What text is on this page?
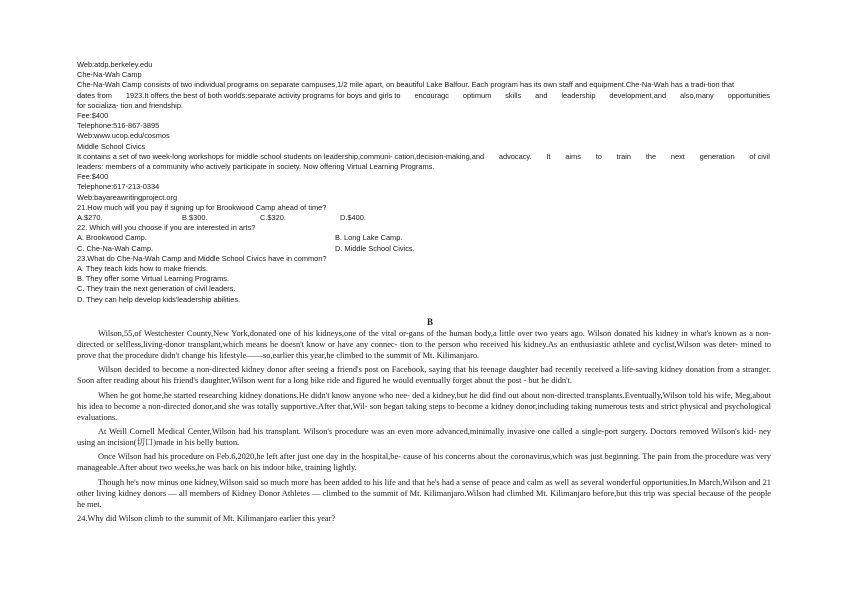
Web:atdp.berkeley.edu
Che-Na-Wah Camp
Che-Na-Wah Camp consists of two individual programs on separate campuses,1/2 mile apart, on beautiful Lake Balfour. Each program has its own staff and equipment.Che-Na-Wah has a tradi-tion that
dates from 1923.It offers the best of both worlds:separate activity programs for boys and girls to encouragc optimum skills and leadership development,and also,many opportunities
for socializa- tion and friendship.
Fee:$400
Telephone:516-867-3895
Web:www.ucop.edu/cosmos
Middle School Civics
It contains a set of two week-long workshops for middle school students on leadership,communi- cation,decision-making,and advocacy. It aims to train the next generation of civil
leaders: members of a community who actively participate in society. Now offering Virtual Learning Programs.
Fee:$400
Telephone:617-213-0334
Web:bayareawritingproject.org
21.How much will you pay if signing up for Brookwood Camp ahead of time?
A.$270.	B.$300.	C.$320.	D.$400.
22. Which will you choose if you are interested in arts?
A. Brookwood Camp.	B. Long Lake Camp.
C. Che-Na-Wah Camp.	D. Middle School Civics.
23.What do Che-Na-Wah Camp and Middle School Civics have in common?
A. They teach kids how to make friends.
B. They offer some Virtual Learning Programs.
C. They train the next generation of civil leaders.
D. They can help develop kids'leadership abilities.
B

Wilson,55,of Westchester County,New York,donated one of his kidneys,one of the vital or-gans of the human body,a little over two years ago. Wilson donated his kidney in what's known as a non-directed or selfless,living-donor transplant,which means he doesn't know or have any connec- tion to the person who received his kidney.As an enthusiastic athlete and cyclist,Wilson was deter- mined to prove that the procedure didn't change his lifestyle——so,earlier this year,he climbed to the summit of Mt. Kilimanjaro.

Wilson decided to become a non-directed kidney donor after seeing a friend's post on Facebook, saying that his teenage daughter had recently received a life-saving kidney donation from a stranger. Soon after reading about his friend's daughter,Wilson went for a long bike ride and figured he would eventually forget about the post - but he didn't.

When he got home,he started researching kidney donations.He didn't know anyone who nee- ded a kidney,but he did find out about non-directed transplants.Eventually,Wilson told his wife, Meg,about his idea to become a non-directed donor,and she was totally supportive.After that,Wil- son began taking steps to become a kidney donor,including taking numerous tests and strict physical and psychological evaluations.

At Weill Cornell Medical Center,Wilson had his transplant. Wilson's procedure was an even more advanced,minimally invasive one called a single-port surgery. Doctors removed Wilson's kid- ney using an incision(切口)made in his belly button.

Once Wilson had his procedure on Feb.6,2020,he left after just one day in the hospital,be- cause of his concerns about the coronavirus,which was just beginning. The pain from the procedure was very manageable.After about two weeks,he was back on his indoor bike, training lightly.

Though he's now minus one kidney,Wilson said so much more has been added to his life and that he's had a sense of peace and calm as well as several wonderful opportunities.In March,Wilson and 21 other living kidney donors — all members of Kidney Donor Athletes — climbed to the summit of Mt. Kilimanjaro.Wilson had climbed Mt. Kilimanjaro before,but this trip was special because of the people he met.

24.Why did Wilson climb to the summit of Mt. Kilimanjaro earlier this year?
